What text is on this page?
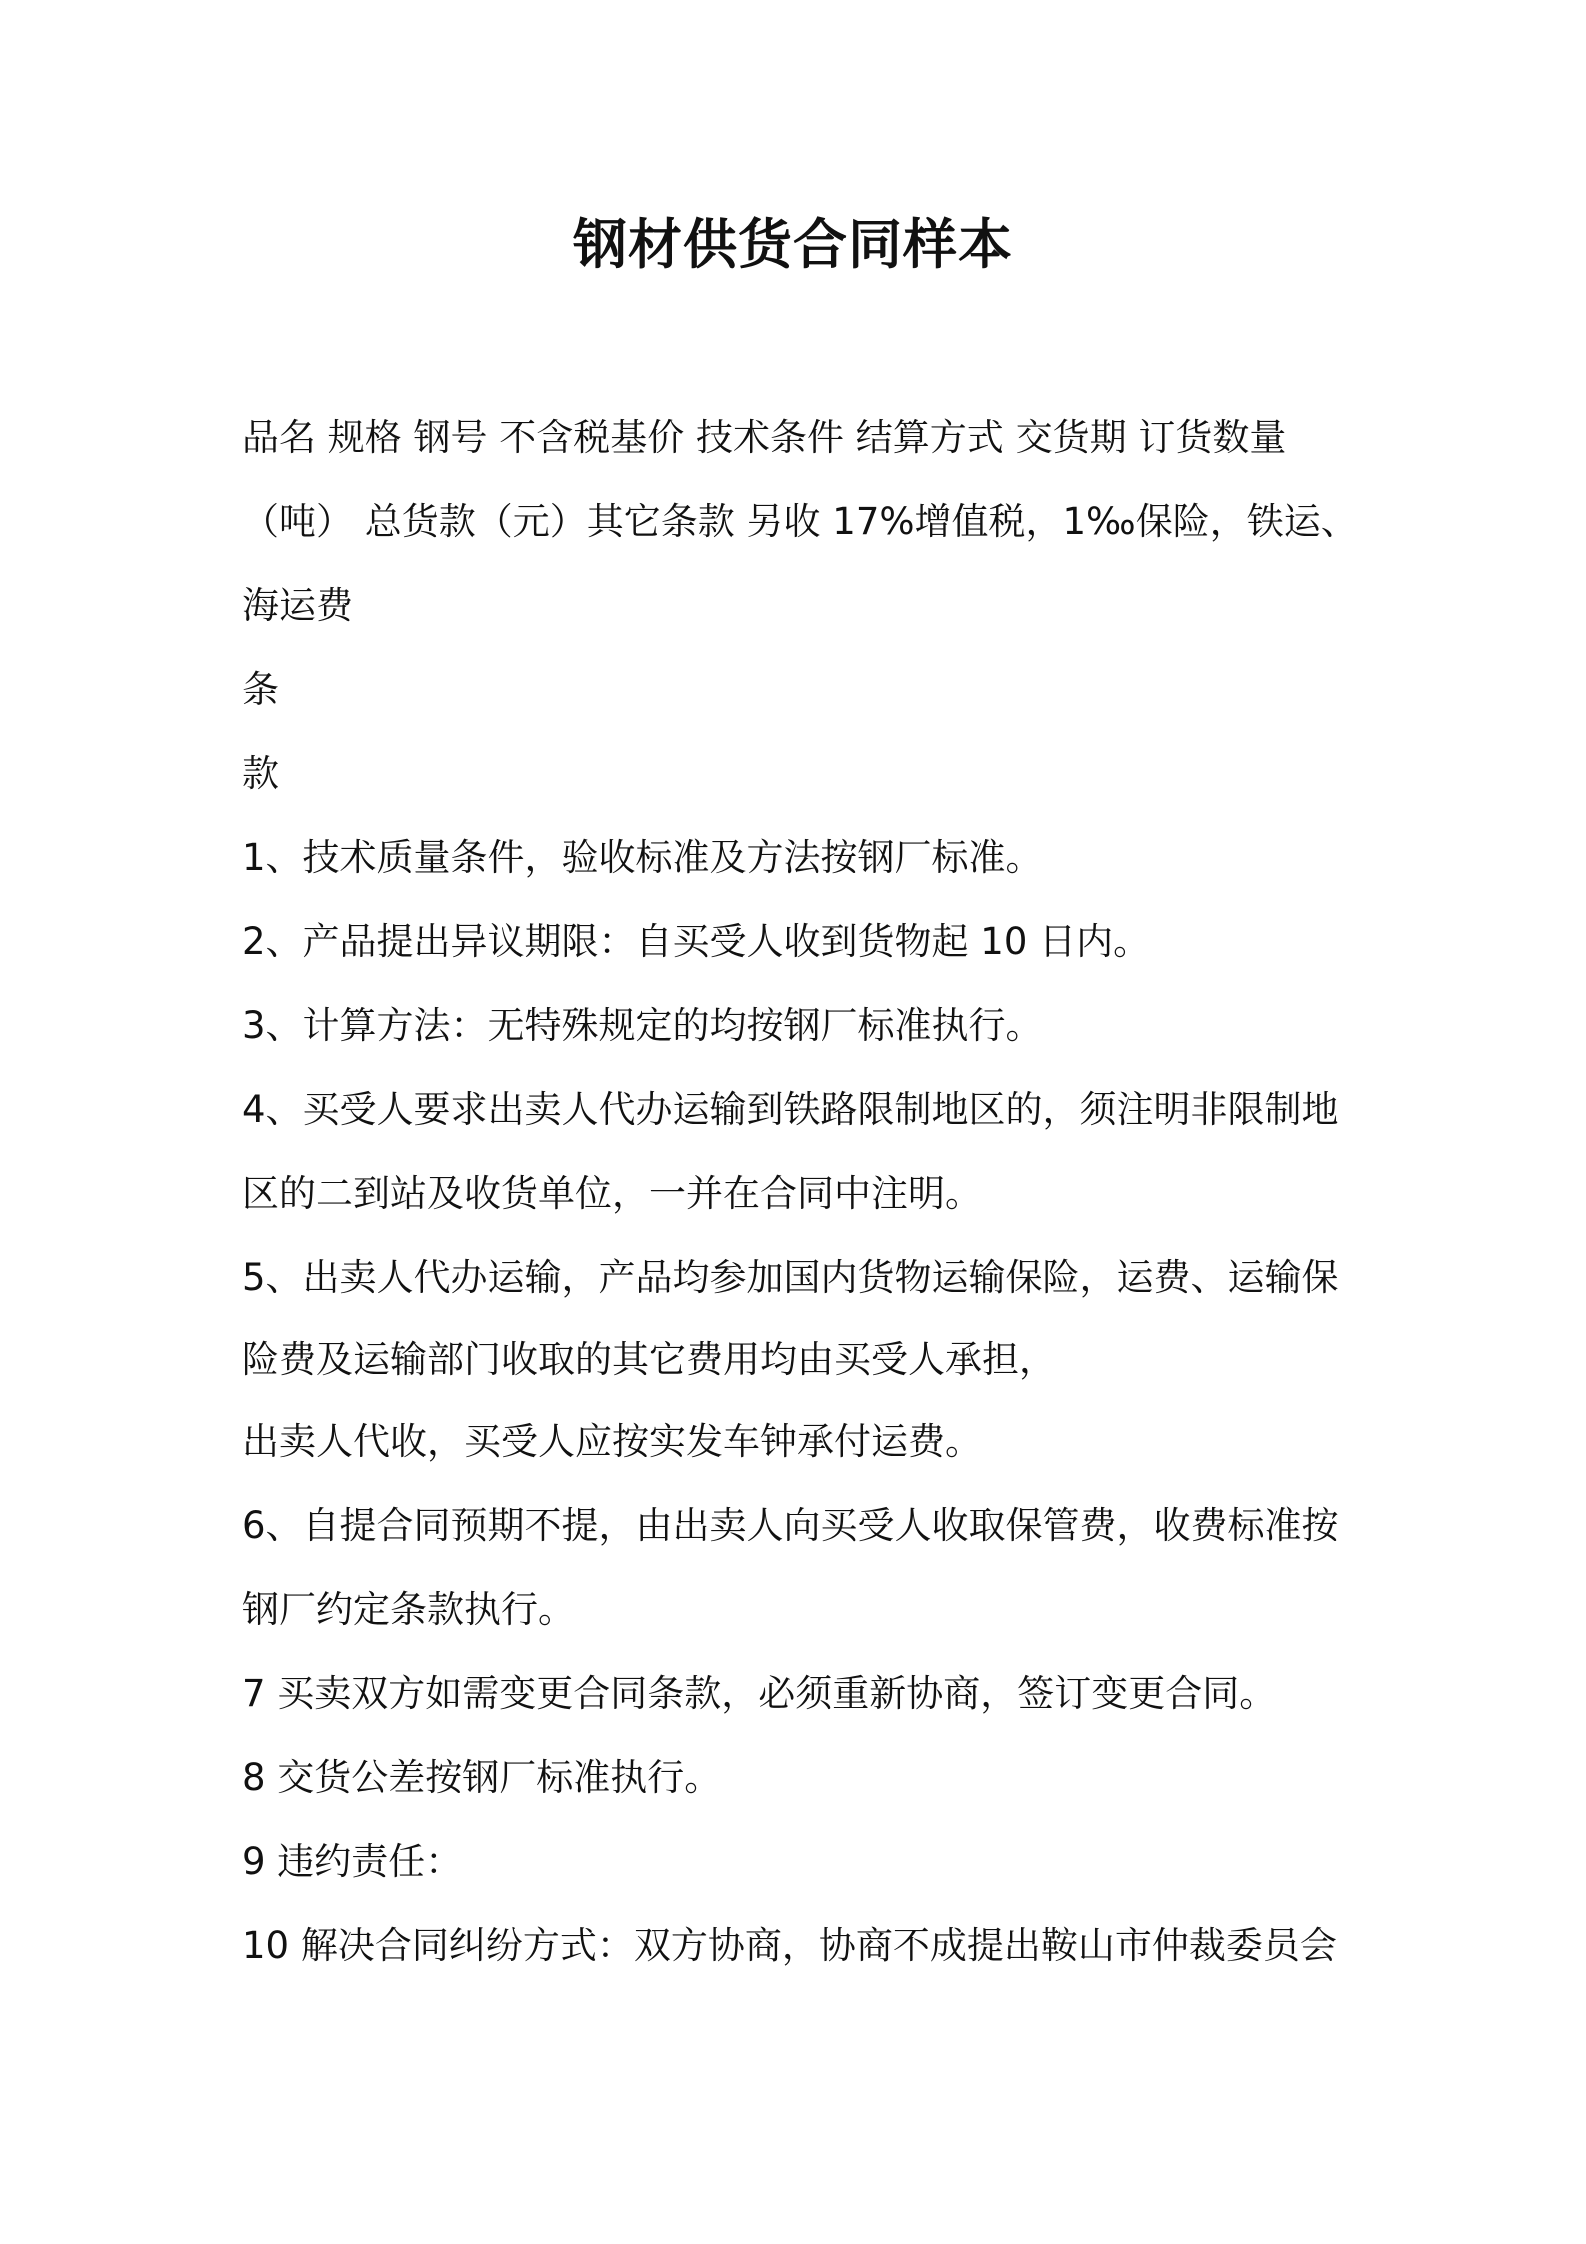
钢材供货合同样本
品名 规格 钢号 不含税基价 技术条件 结算方式 交货期 订货数量
（吨） 总货款（元）其它条款 另收 17%增值税，1‰保险，铁运、
海运费
条
款
1、技术质量条件，验收标准及方法按钢厂标准。
2、产品提出异议期限：自买受人收到货物起 10 日内。
3、计算方法：无特殊规定的均按钢厂标准执行。
4、买受人要求出卖人代办运输到铁路限制地区的，须注明非限制地
区的二到站及收货单位，一并在合同中注明。
5、出卖人代办运输，产品均参加国内货物运输保险，运费、运输保
险费及运输部门收取的其它费用均由买受人承担，
出卖人代收，买受人应按实发车钟承付运费。
6、自提合同预期不提，由出卖人向买受人收取保管费，收费标准按
钢厂约定条款执行。
7 买卖双方如需变更合同条款，必须重新协商，签订变更合同。
8 交货公差按钢厂标准执行。
9 违约责任：
10 解决合同纠纷方式：双方协商，协商不成提出鞍山市仲裁委员会
